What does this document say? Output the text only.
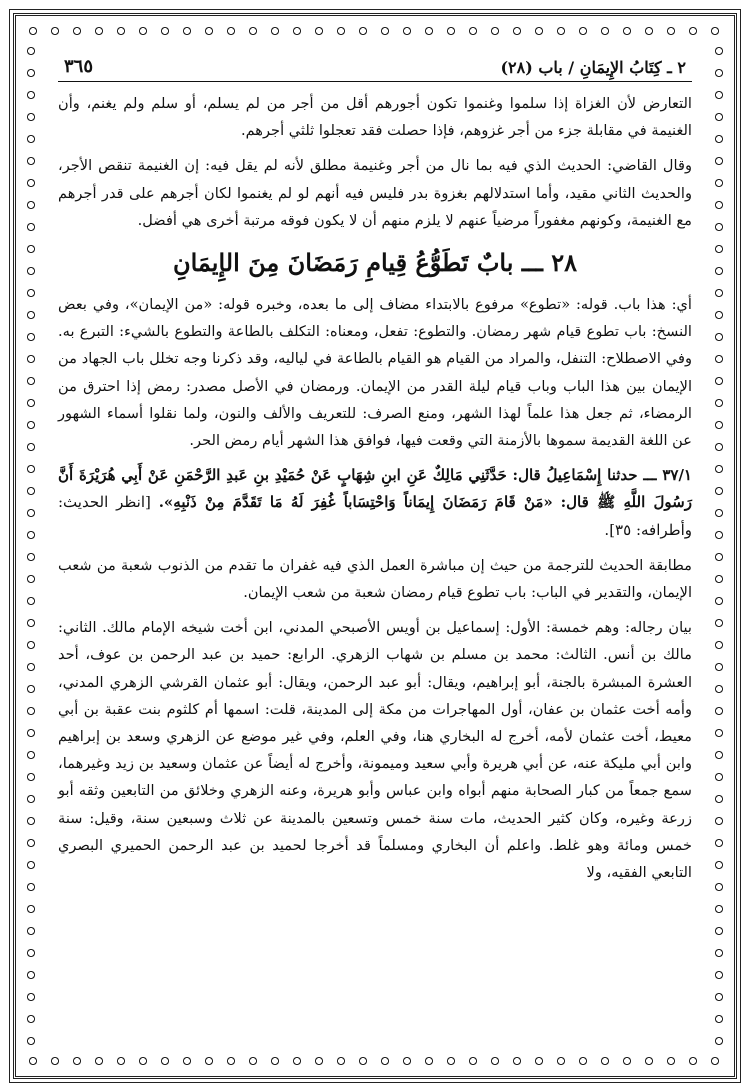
٢ ـ كِتَابُ الإِيمَانِ / باب (٢٨)
٣٦٥

التعارض لأن الغزاة إذا سلموا وغنموا تكون أجورهم أقل من أجر من لم يسلم، أو سلم ولم يغنم، وأن الغنيمة في مقابلة جزء من أجر غزوهم، فإذا حصلت فقد تعجلوا ثلثي أجرهم.

وقال القاضي: الحديث الذي فيه بما نال من أجر وغنيمة مطلق لأنه لم يقل فيه: إن الغنيمة تنقص الأجر، والحديث الثاني مقيد، وأما استدلالهم بغزوة بدر فليس فيه أنهم لو لم يغنموا لكان أجرهم على قدر أجرهم مع الغنيمة، وكونهم مغفوراً مرضياً عنهم لا يلزم منهم أن لا يكون فوقه مرتبة أخرى هي أفضل.

٢٨ ـــ بابٌ تَطَوُّعُ قِيامِ رَمَضَانَ مِنَ الإِيمَانِ

أي: هذا باب. قوله: «تطوع» مرفوع بالابتداء مضاف إلى ما بعده، وخبره قوله: «من الإيمان»، وفي بعض النسخ: باب تطوع قيام شهر رمضان. والتطوع: تفعل، ومعناه: التكلف بالطاعة والتطوع بالشيء: التبرع به. وفي الاصطلاح: التنفل، والمراد من القيام هو القيام بالطاعة في لياليه، وقد ذكرنا وجه تخلل باب الجهاد من الإيمان بين هذا الباب وباب قيام ليلة القدر من الإيمان. ورمضان في الأصل مصدر: رمض إذا احترق من الرمضاء، ثم جعل هذا علماً لهذا الشهر، ومنع الصرف: للتعريف والألف والنون، ولما نقلوا أسماء الشهور عن اللغة القديمة سموها بالأزمنة التي وقعت فيها، فوافق هذا الشهر أيام رمض الحر.

٣٧/١ ـــ حدثنا إِسْمَاعِيلُ قال: حَدَّثَنِي مَالِكٌ عَنِ ابنِ شِهَابٍ عَنْ حُمَيْدِ بنِ عَبدِ الرَّحْمَنِ عَنْ أَبِي هُرَيْرَةَ أَنَّ رَسُولَ اللَّهِ ﷺ قال: «مَنْ قَامَ رَمَضَانَ إِيمَاناً وَاحْتِسَاباً غُفِرَ لَهُ مَا تَقَدَّمَ مِنْ ذَنْبِهِ». [انظر الحديث: وأطرافه: ٣٥].

مطابقة الحديث للترجمة من حيث إن مباشرة العمل الذي فيه غفران ما تقدم من الذنوب شعبة من شعب الإيمان، والتقدير في الباب: باب تطوع قيام رمضان شعبة من شعب الإيمان.

بيان رجاله: وهم خمسة: الأول: إسماعيل بن أويس الأصبحي المدني، ابن أخت شيخه الإمام مالك. الثاني: مالك بن أنس. الثالث: محمد بن مسلم بن شهاب الزهري. الرابع: حميد بن عبد الرحمن بن عوف، أحد العشرة المبشرة بالجنة، أبو إبراهيم، ويقال: أبو عبد الرحمن، ويقال: أبو عثمان القرشي الزهري المدني، وأمه أخت عثمان بن عفان، أول المهاجرات من مكة إلى المدينة، قلت: اسمها أم كلثوم بنت عقبة بن أبي معيط، أخت عثمان لأمه، أخرج له البخاري هنا، وفي العلم، وفي غير موضع عن الزهري وسعد بن إبراهيم وابن أبي مليكة عنه، عن أبي هريرة وأبي سعيد وميمونة، وأخرج له أيضاً عن عثمان وسعيد بن زيد وغيرهما، سمع جمعاً من كبار الصحابة منهم أبواه وابن عباس وأبو هريرة، وعنه الزهري وخلائق من التابعين وثقه أبو زرعة وغيره، وكان كثير الحديث، مات سنة خمس وتسعين بالمدينة عن ثلاث وسبعين سنة، وقيل: سنة خمس ومائة وهو غلط. واعلم أن البخاري ومسلماً قد أخرجا لحميد بن عبد الرحمن الحميري البصري التابعي الفقيه، ولا
